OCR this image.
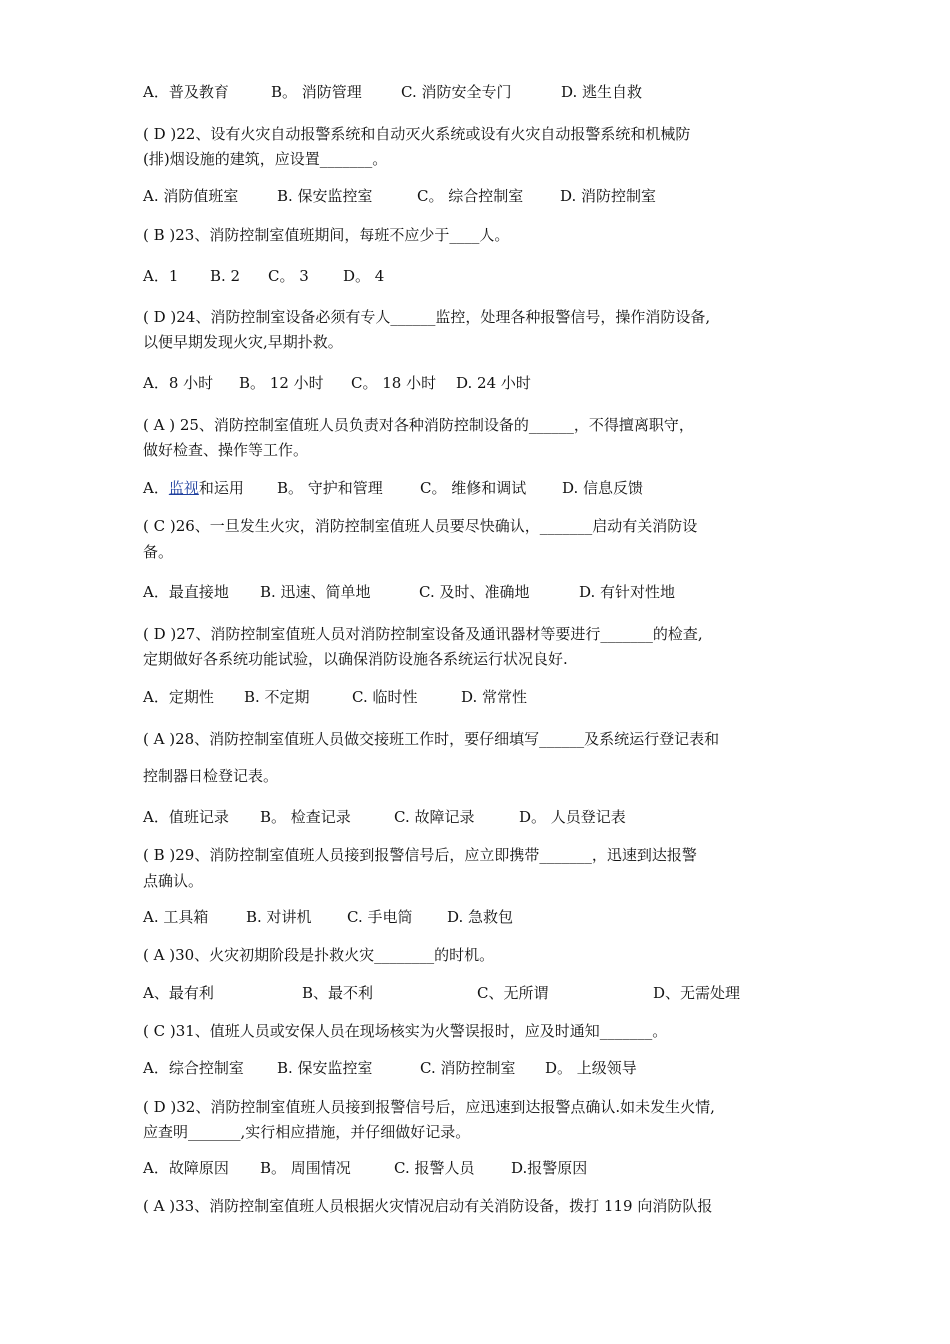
A．普及教育	B。 消防管理	C. 消防安全专门	D. 逃生自救
( D )22、设有火灾自动报警系统和自动灭火系统或设有火灾自动报警系统和机械防
(排)烟设施的建筑，应设置_______。
A. 消防值班室	B. 保安监控室	C。 综合控制室	D. 消防控制室
( B )23、消防控制室值班期间，每班不应少于____人。
A．1	B. 2	C。 3	D。 4
( D )24、消防控制室设备必须有专人______监控，处理各种报警信号，操作消防设备,
以便早期发现火灾,早期扑救。
A．8 小时	B。 12 小时	C。 18 小时	D. 24 小时
( A ) 25、消防控制室值班人员负责对各种消防控制设备的______，不得擅离职守，
做好检查、操作等工作。
A．监视和运用	B。 守护和管理	C。 维修和调试	D. 信息反馈
( C )26、一旦发生火灾，消防控制室值班人员要尽快确认，_______启动有关消防设
备。
A．最直接地	B. 迅速、简单地	C. 及时、准确地	D. 有针对性地
( D )27、消防控制室值班人员对消防控制室设备及通讯器材等要进行_______的检查,
定期做好各系统功能试验，以确保消防设施各系统运行状况良好.
A．定期性	B. 不定期	C. 临时性	D. 常常性
( A )28、消防控制室值班人员做交接班工作时，要仔细填写______及系统运行登记表和
控制器日检登记表。
A．值班记录	B。 检查记录	C. 故障记录	D。 人员登记表
( B )29、消防控制室值班人员接到报警信号后，应立即携带_______，迅速到达报警
点确认。
A. 工具箱	B. 对讲机	C. 手电筒	D. 急救包
( A )30、火灾初期阶段是扑救火灾________的时机。
A、最有利	B、最不利	C、无所谓	D、无需处理
( C )31、值班人员或安保人员在现场核实为火警误报时，应及时通知_______。
A．综合控制室	B. 保安监控室	C. 消防控制室	D。 上级领导
( D )32、消防控制室值班人员接到报警信号后，应迅速到达报警点确认.如未发生火情,
应查明_______,实行相应措施，并仔细做好记录。
A．故障原因	B。 周围情况	C. 报警人员	D.报警原因
( A )33、消防控制室值班人员根据火灾情况启动有关消防设备，拨打 119 向消防队报
